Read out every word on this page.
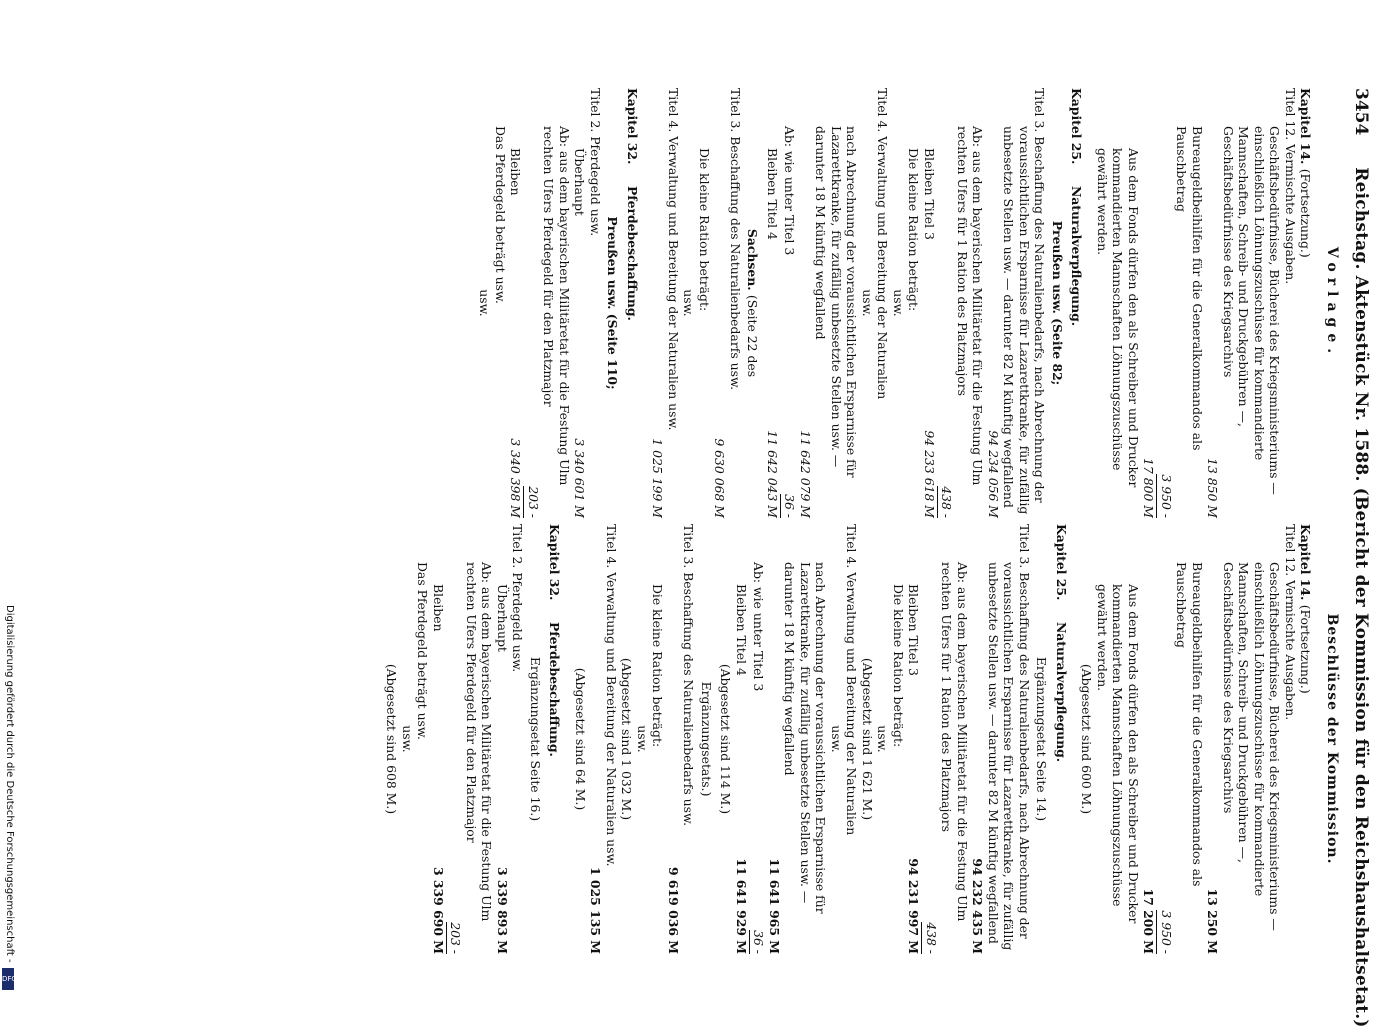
3454 Reichstag. Aktenstück Nr. 1588. (Bericht der Kommission für den Reichshaushaltsetat.)
Vorlage.
Kapitel 14. (Fortsetzung.)

Titel 12. Vermischte Ausgaben.

Geschäftsbedürfnisse, Bücherei des Kriegsministeriums — einschließlich Löhnungszuschüsse für kommandierte Mannschaften, Schreib- und Druckgebühren —, Geschäftsbedürfnisse des Kriegsarchivs

13 850 M

Bureaugeldbeihilfen für die Generalkommandos als Pauschbetrag

3 950 -
17 800 M

Aus dem Fonds dürfen den als Schreiber und Drucker kommandierten Mannschaften Löhnungszuschüsse gewährt werden.

Kapitel 25.     Naturalverpflegung.
Preußen usw. (Seite 82;

Titel 3. Beschaffung des Naturalienbedarfs, nach Abrechnung der voraussichtlichen Ersparnisse für Lazarettkranke, für zufällig unbesetzte Stellen usw. — darunter 82 M künftig wegfallend

94 234 056 M

Ab: aus dem bayerischen Militäretat für die Festung Ulm rechten Ufers für 1 Ration des Platzmajors

438 -
Bleiben Titel 3
94 233 618 M

Die kleine Ration beträgt:

usw.

Titel 4. Verwaltung und Bereitung der Naturalien

usw.

nach Abrechnung der voraussichtlichen Ersparnisse für Lazarettkranke, für zufällig unbesetzte Stellen usw. — darunter 18 M künftig wegfallend

11 642 079 M
Ab: wie unter Titel 3
36 -
Bleiben Titel 4
11 642 043 M
Sachsen. (Seite 22 des

Titel 3. Beschaffung des Naturalienbedarfs usw.

9 630 068 M

Die kleine Ration beträgt:

usw.

Titel 4. Verwaltung und Bereitung der Naturalien usw.

1 025 199 M
Kapitel 32.     Pferdebeschaffung.
Preußen usw. (Seite 110;

Titel 2. Pferdegeld usw.

Überhaupt
3 340 601 M

Ab: aus dem bayerischen Militäretat für die Festung Ulm rechten Ufers Pferdegeld für den Platzmajor

203 -
Bleiben
3 340 398 M

Das Pferdegeld beträgt usw.

usw.

Beschlüsse der Kommission.
Kapitel 14. (Fortsetzung.)

Titel 12. Vermischte Ausgaben.

Geschäftsbedürfnisse, Bücherei des Kriegsministeriums — einschließlich Löhnungszuschüsse für kommandierte Mannschaften, Schreib- und Druckgebühren —, Geschäftsbedürfnisse des Kriegsarchivs

13 250 M

Bureaugeldbeihilfen für die Generalkommandos als Pauschbetrag

3 950 -
17 200 M

Aus dem Fonds dürfen den als Schreiber und Drucker kommandierten Mannschaften Löhnungszuschüsse gewährt werden.

(Abgesetzt sind 600 M.)

Kapitel 25.     Naturalverpflegung.
Ergänzungsetat Seite 14.)

Titel 3. Beschaffung des Naturalienbedarfs, nach Abrechnung der voraussichtlichen Ersparnisse für Lazarettkranke, für zufällig unbesetzte Stellen usw. — darunter 82 M künftig wegfallend

94 232 435 M

Ab: aus dem bayerischen Militäretat für die Festung Ulm rechten Ufers für 1 Ration des Platzmajors

438 -
Bleiben Titel 3
94 231 997 M

Die kleine Ration beträgt:

usw.

(Abgesetzt sind 1 621 M.)

Titel 4. Verwaltung und Bereitung der Naturalien

usw.

nach Abrechnung der voraussichtlichen Ersparnisse für Lazarettkranke, für zufällig unbesetzte Stellen usw. — darunter 18 M künftig wegfallend

11 641 965 M
Ab: wie unter Titel 3
36 -
Bleiben Titel 4
11 641 929 M

(Abgesetzt sind 114 M.)

Ergänzungsetats.)

Titel 3. Beschaffung des Naturalienbedarfs usw.

9 619 036 M

Die kleine Ration beträgt:

usw.

(Abgesetzt sind 1 032 M.)

Titel 4. Verwaltung und Bereitung der Naturalien usw.

1 025 135 M

(Abgesetzt sind 64 M.)

Kapitel 32.     Pferdebeschaffung.
Ergänzungsetat Seite 16.)

Titel 2. Pferdegeld usw.

Überhaupt
3 339 893 M

Ab: aus dem bayerischen Militäretat für die Festung Ulm rechten Ufers Pferdegeld für den Platzmajor

203 -
Bleiben
3 339 690 M

Das Pferdegeld beträgt usw.

usw.

(Abgesetzt sind 608 M.)

Digitalisierung gefördert durch die Deutsche Forschungsgemeinschaft -
DFG
